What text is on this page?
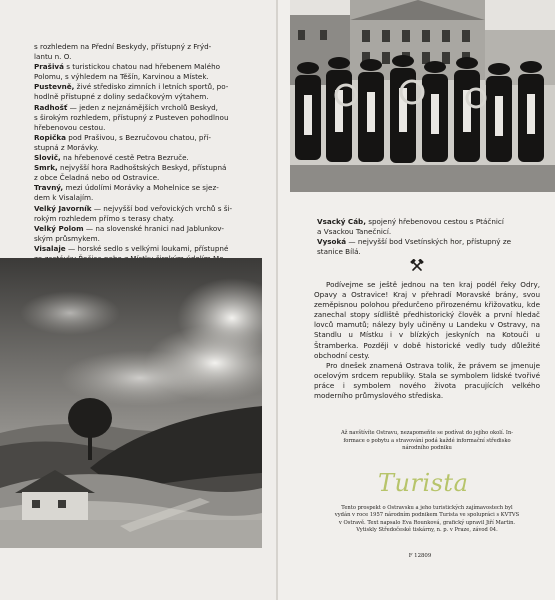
s rozhledem na Přední Beskydy, přístupný z Frýd-

lantu n. O.

Prašivá s turistickou chatou nad hřebenem Malého

Polomu, s výhledem na Těšín, Karvinou a Místek.

Pustevně, živé středisko zimních i letních sportů, po-

hodlně přístupné z doliny sedačkovým výtahem.

Radhošť — jeden z nejznámějších vrcholů Beskyd,

s širokým rozhledem, přístupný z Pusteven pohodlnou

hřebenovou cestou.

Ropička pod Prašivou, s Bezručovou chatou, pří-

stupná z Morávky.

Slovič, na hřebenové cestě Petra Bezruče.

Smrk, nejvyšší hora Radhoštských Beskyd, přístupná

z obce Čeladná nebo od Ostravice.

Travný, mezi údolími Morávky a Mohelnice se sjez-

dem k Visalajím.

Velký Javorník — nejvyšší bod veřovických vrchů s ši-

rokým rozhledem přímo s terasy chaty.

Velký Polom — na slovenské hranici nad Jablunkov-

ským průsmykem.

Visalaje — horské sedlo s velkými loukami, přístupné

Vsacký Cáb, spojený hřebenovou cestou s Ptáčnicí

a Vsackou Tanečnicí.

Vysoká — nejvyšší bod Vsetínských hor, přístupný ze

stanice Bílá.

Podívejme se ještě jednou na ten kraj podél řeky Odry, Opavy a Ostravice! Kraj v přehradí Moravské brány, svou zeměpisnou polohou předurčeno přirozenému křižovatku, kde zanechal stopy sídliště předhistorický člověk a první hledač lovců mamutů; nálezy byly učiněny u Landeku v Ostravy, na Standlu u Místku i v blízkých jeskyních na Kotouči u Štramberka. Později v době historické vedly tudy důležité obchodní cesty.

Pro dnešek znamená Ostrava tolik, že právem se jmenuje ocelovým srdcem republiky. Stala se symbolem lidské tvořivé práce i symbolem nového života pracujících velkého moderního průmyslového střediska.

Až navštívíte Ostravu, nezapomeňte se podívat do jejího okolí. In-
formace o pobytu a stravování podá každé informační středisko
národního podniku
Turista
Tento prospekt o Ostravsku a jeho turistických zajímavostech byl
vydán v roce 1957 národním podnikem Turista ve spolupráci s KVTVS
v Ostravě. Text napsalo Eva Rounková, grafický upravil Jiří Martin.
Vytiskly Středočeské tiskárny, n. p. v Praze, závod 04.
F 12809
